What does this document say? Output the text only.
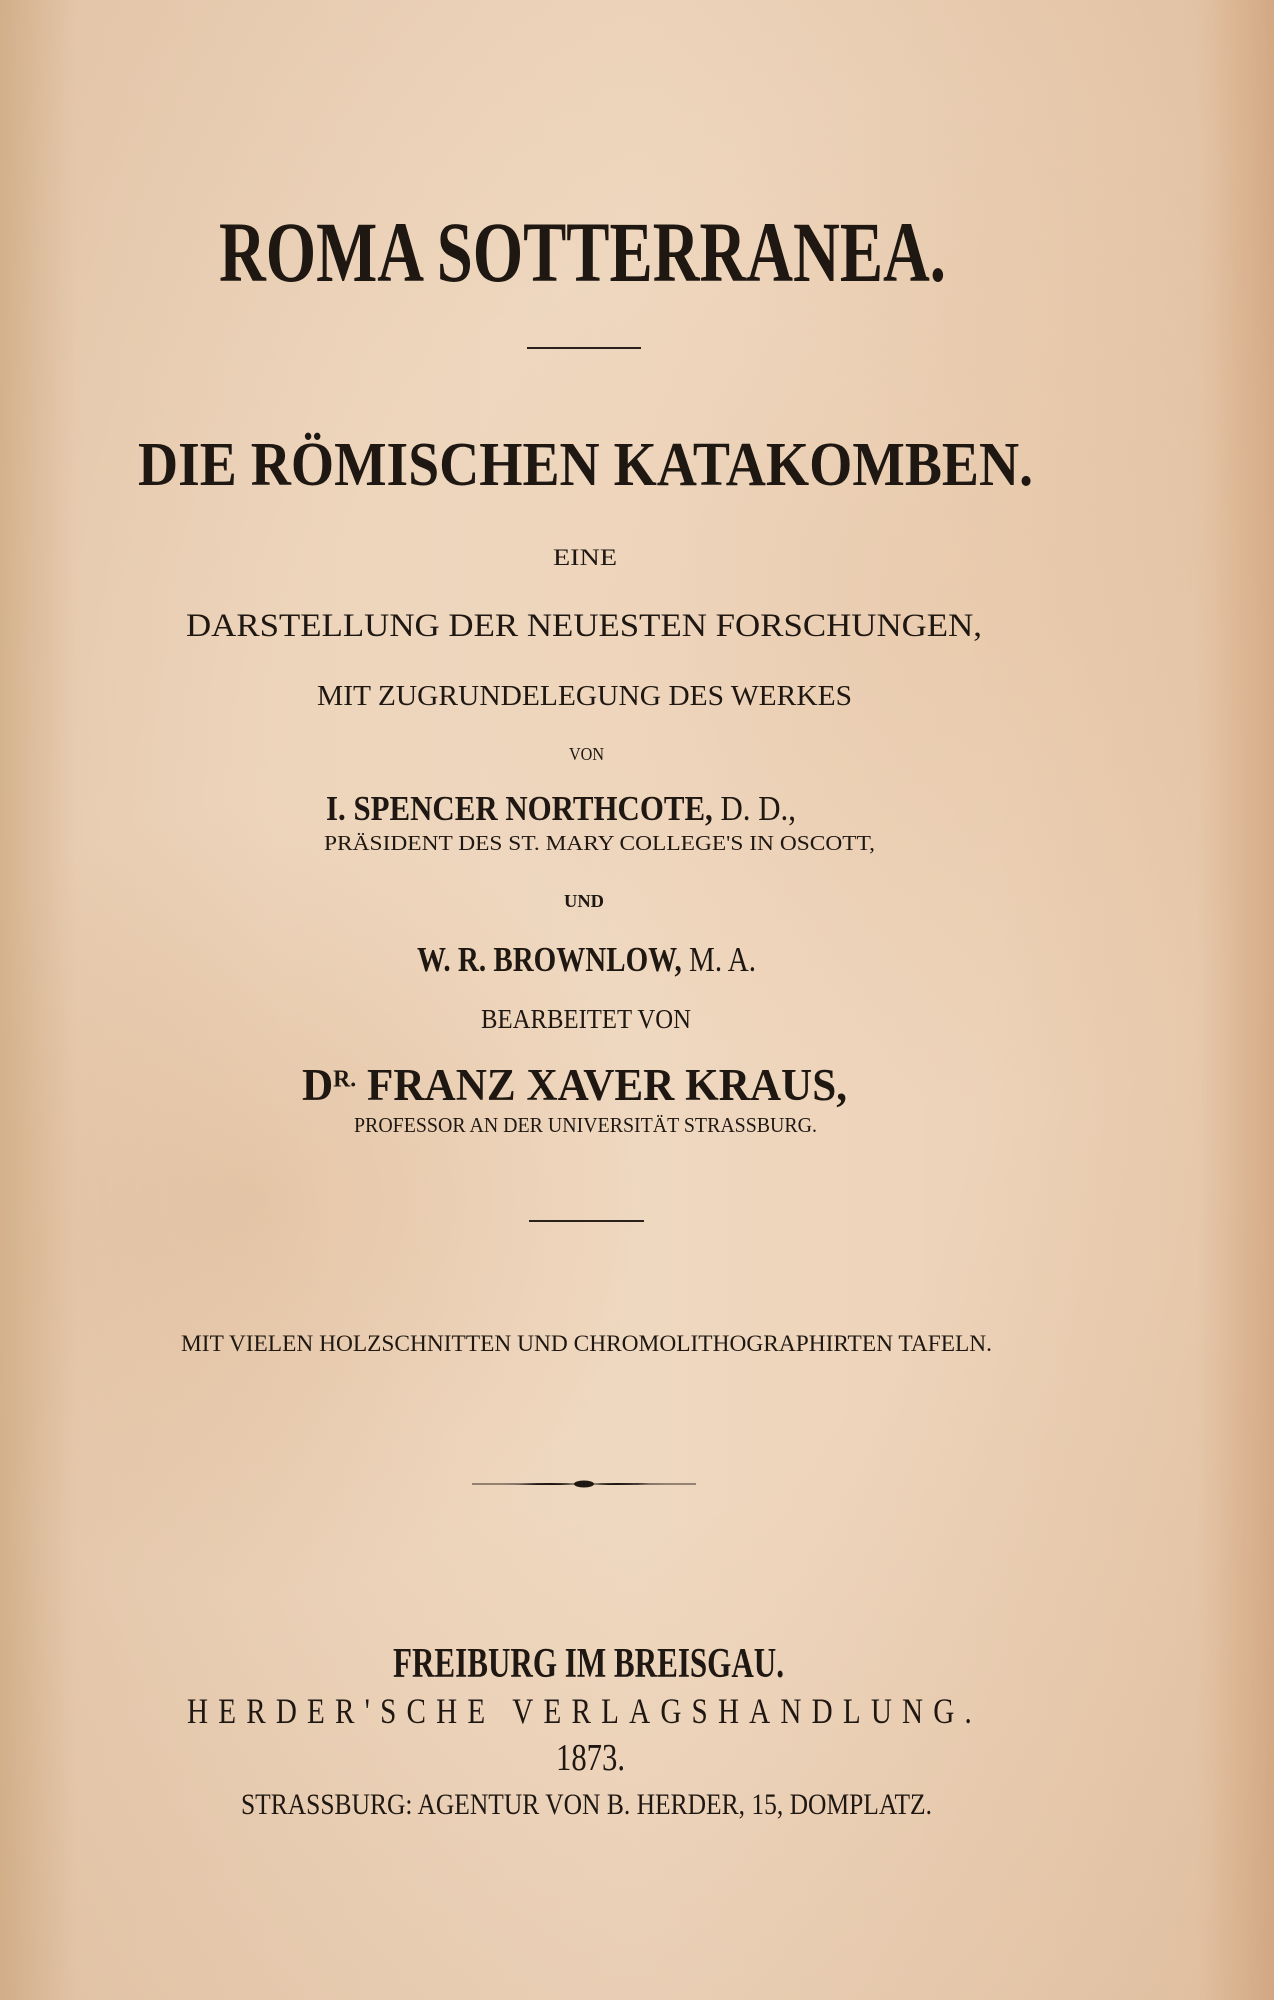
ROMA SOTTERRANEA.
DIE RÖMISCHEN KATAKOMBEN.
EINE
DARSTELLUNG DER NEUESTEN FORSCHUNGEN,
MIT ZUGRUNDELEGUNG DES WERKES
VON
I. SPENCER NORTHCOTE, D. D.,
PRÄSIDENT DES ST. MARY COLLEGE'S IN OSCOTT,
UND
W. R. BROWNLOW, M. A.
BEARBEITET VON
$D^{R.}$ FRANZ XAVER KRAUS,
PROFESSOR AN DER UNIVERSITÄT STRASSBURG.
MIT VIELEN HOLZSCHNITTEN UND CHROMOLITHOGRAPHIRTEN TAFELN.
FREIBURG IM BREISGAU.
HERDER'SCHE VERLAGSHANDLUNG.
1873.
STRASSBURG: AGENTUR VON B. HERDER, 15, DOMPLATZ.
